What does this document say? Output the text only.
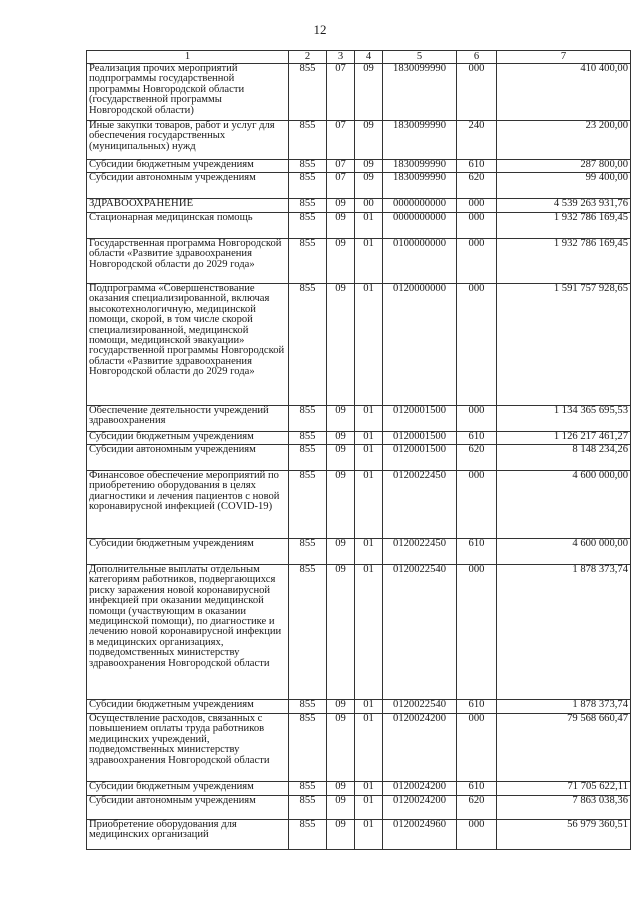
12
1	2	3	4	5	6	7
Реализация прочих мероприятий подпрограммы государственной программы Новгородской области (государственной программы Новгородской области)	855	07	09	1830099990	000	410 400,00
Иные закупки товаров, работ и услуг для обеспечения государственных (муниципальных) нужд	855	07	09	1830099990	240	23 200,00
Субсидии бюджетным учреждениям	855	07	09	1830099990	610	287 800,00
Субсидии автономным учреждениям	855	07	09	1830099990	620	99 400,00
ЗДРАВООХРАНЕНИЕ	855	09	00	0000000000	000	4 539 263 931,76
Стационарная медицинская помощь	855	09	01	0000000000	000	1 932 786 169,45
Государственная программа Новгородской области «Развитие здравоохранения Новгородской области до 2029 года»	855	09	01	0100000000	000	1 932 786 169,45
Подпрограмма «Совершенствование оказания специализированной, включая высокотехнологичную, медицинской помощи, скорой, в том числе скорой специализированной, медицинской помощи, медицинской эвакуации» государственной программы Новгородской области «Развитие здравоохранения Новгородской области до 2029 года»	855	09	01	0120000000	000	1 591 757 928,65
Обеспечение деятельности учреждений здравоохранения	855	09	01	0120001500	000	1 134 365 695,53
Субсидии бюджетным учреждениям	855	09	01	0120001500	610	1 126 217 461,27
Субсидии автономным учреждениям	855	09	01	0120001500	620	8 148 234,26
Финансовое обеспечение мероприятий по приобретению оборудования в целях диагностики и лечения пациентов с новой коронавирусной инфекцией (COVID-19)	855	09	01	0120022450	000	4 600 000,00
Субсидии бюджетным учреждениям	855	09	01	0120022450	610	4 600 000,00
Дополнительные выплаты отдельным категориям работников, подвергающихся риску заражения новой коронавирусной инфекцией при оказании медицинской помощи (участвующим в оказании медицинской помощи), по диагностике и лечению новой коронавирусной инфекции в медицинских организациях, подведомственных министерству здравоохранения Новгородской области	855	09	01	0120022540	000	1 878 373,74
Субсидии бюджетным учреждениям	855	09	01	0120022540	610	1 878 373,74
Осуществление расходов, связанных с повышением оплаты труда работников медицинских учреждений, подведомственных министерству здравоохранения Новгородской области	855	09	01	0120024200	000	79 568 660,47
Субсидии бюджетным учреждениям	855	09	01	0120024200	610	71 705 622,11
Субсидии автономным учреждениям	855	09	01	0120024200	620	7 863 038,36
Приобретение оборудования для медицинских организаций	855	09	01	0120024960	000	56 979 360,51
